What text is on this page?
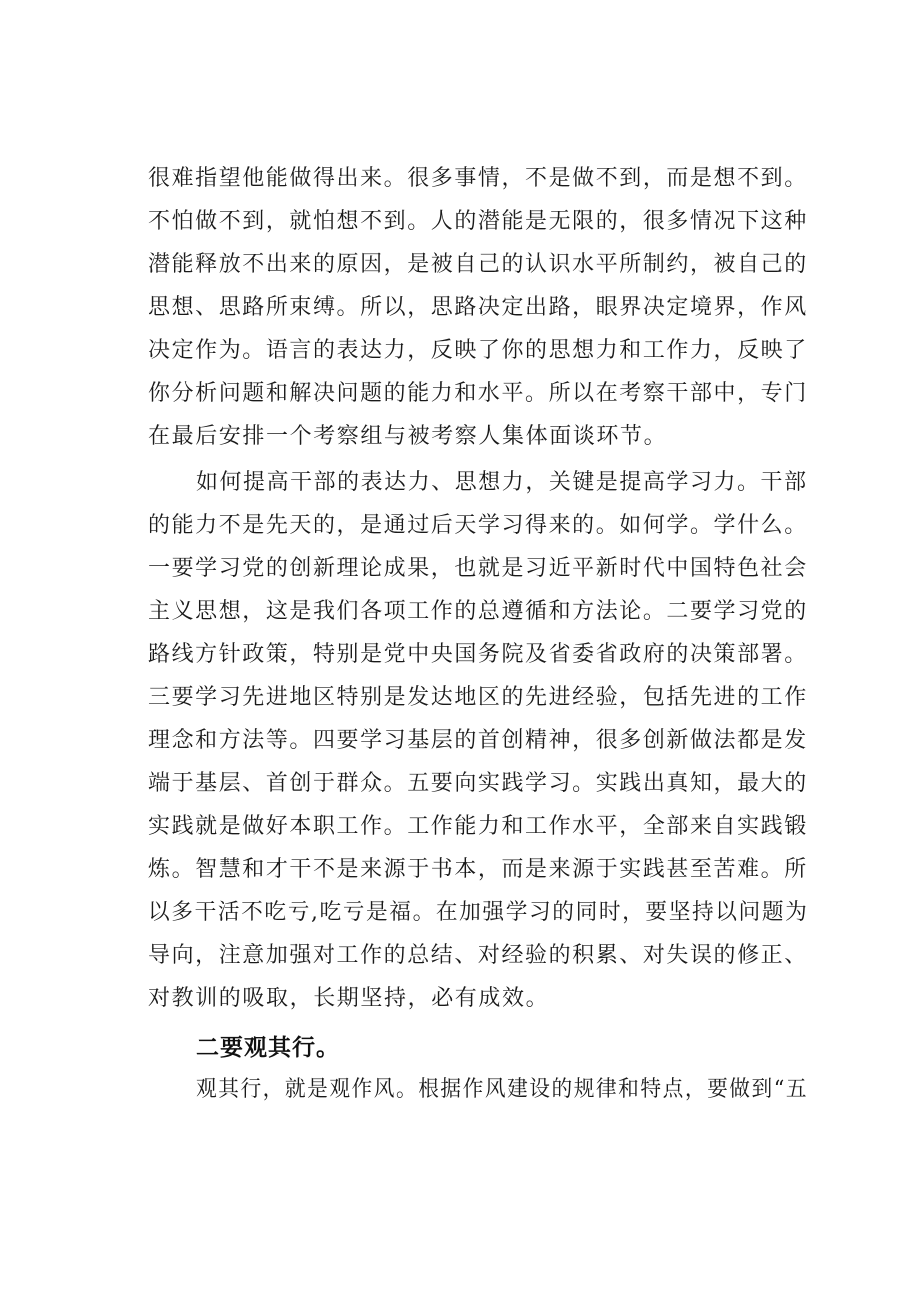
很难指望他能做得出来。很多事情，不是做不到，而是想不到。
不怕做不到，就怕想不到。人的潜能是无限的，很多情况下这种
潜能释放不出来的原因，是被自己的认识水平所制约，被自己的
思想、思路所束缚。所以，思路决定出路，眼界决定境界，作风
决定作为。语言的表达力，反映了你的思想力和工作力，反映了
你分析问题和解决问题的能力和水平。所以在考察干部中，专门
在最后安排一个考察组与被考察人集体面谈环节。
如何提高干部的表达力、思想力，关键是提高学习力。干部
的能力不是先天的，是通过后天学习得来的。如何学。学什么。
一要学习党的创新理论成果，也就是习近平新时代中国特色社会
主义思想，这是我们各项工作的总遵循和方法论。二要学习党的
路线方针政策，特别是党中央国务院及省委省政府的决策部署。
三要学习先进地区特别是发达地区的先进经验，包括先进的工作
理念和方法等。四要学习基层的首创精神，很多创新做法都是发
端于基层、首创于群众。五要向实践学习。实践出真知，最大的
实践就是做好本职工作。工作能力和工作水平，全部来自实践锻
炼。智慧和才干不是来源于书本，而是来源于实践甚至苦难。所
以多干活不吃亏,吃亏是福。在加强学习的同时，要坚持以问题为
导向，注意加强对工作的总结、对经验的积累、对失误的修正、
对教训的吸取，长期坚持，必有成效。
二要观其行。
观其行，就是观作风。根据作风建设的规律和特点，要做到“五
